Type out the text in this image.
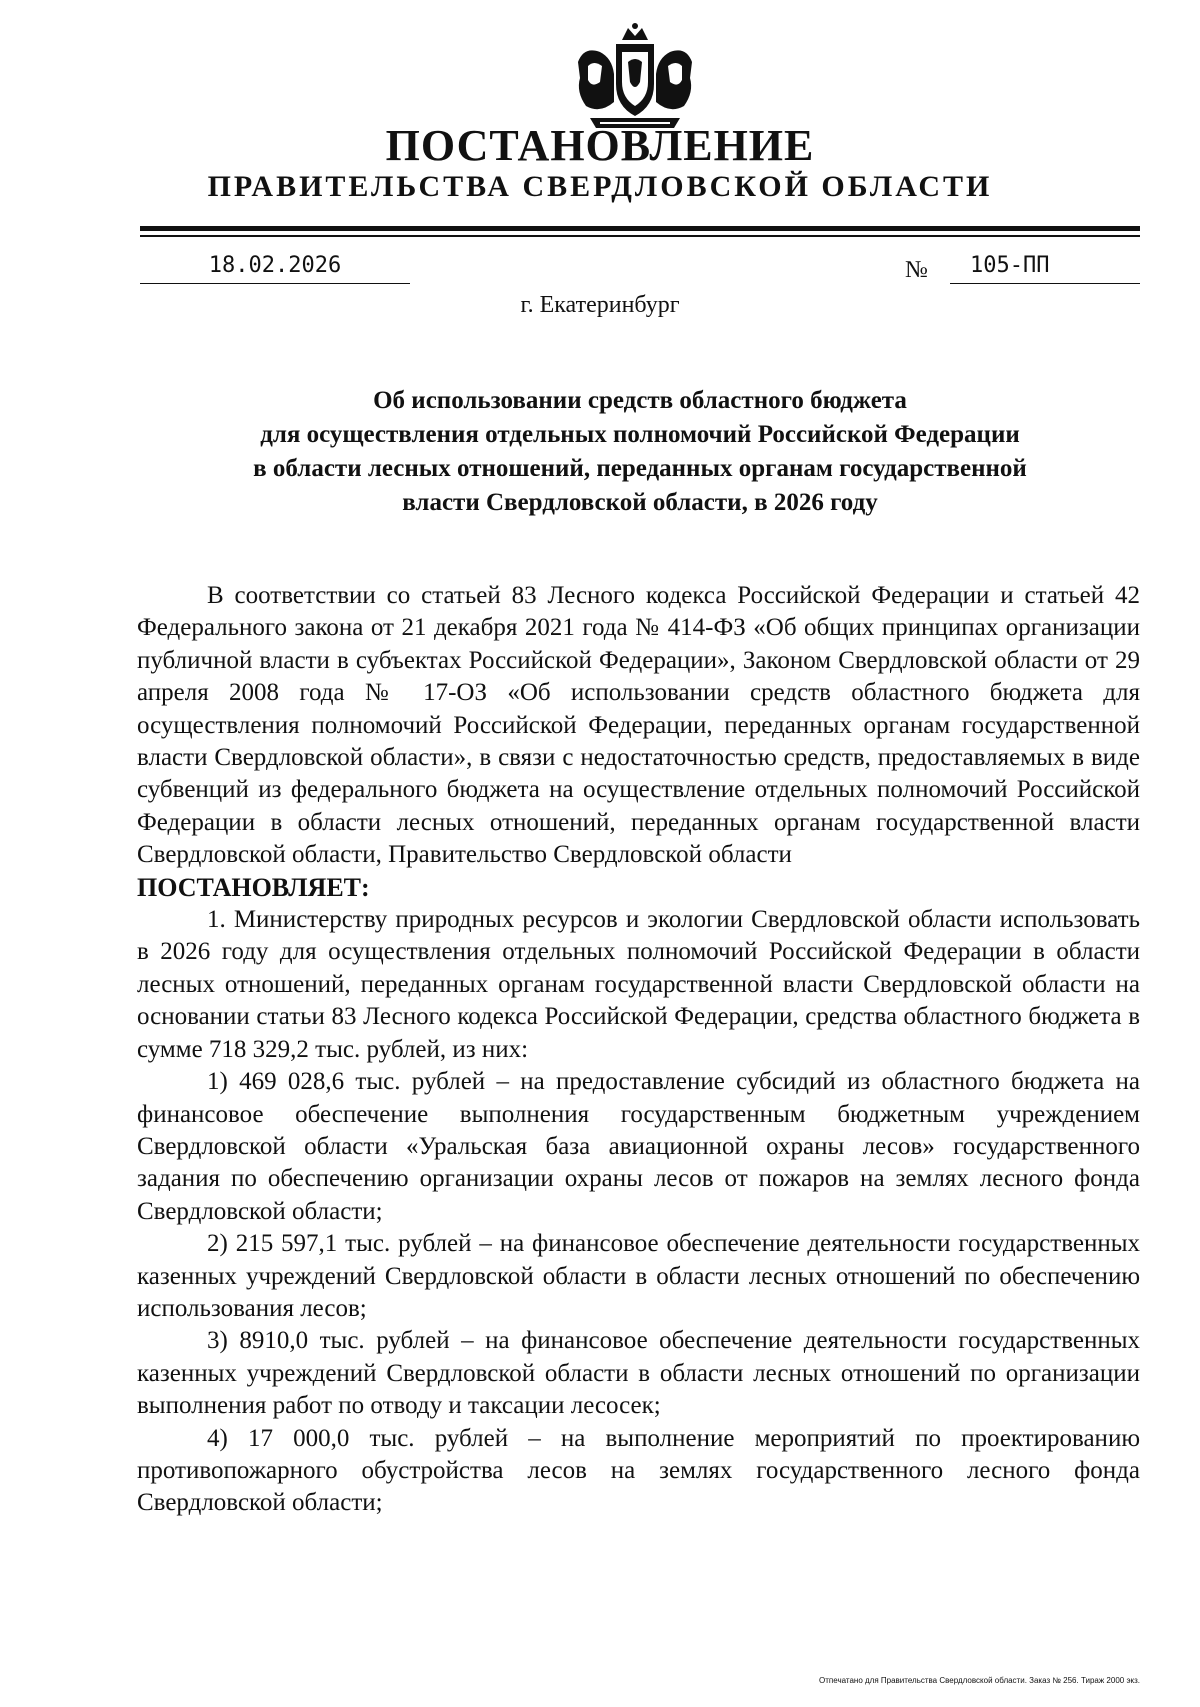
ПОСТАНОВЛЕНИЕ
ПРАВИТЕЛЬСТВА СВЕРДЛОВСКОЙ ОБЛАСТИ
18.02.2026	№	105-ПП
г. Екатеринбург
Об использовании средств областного бюджета
для осуществления отдельных полномочий Российской Федерации
в области лесных отношений, переданных органам государственной
власти Свердловской области, в 2026 году

В соответствии со статьей 83 Лесного кодекса Российской Федерации и статьей 42 Федерального закона от 21 декабря 2021 года № 414-ФЗ «Об общих принципах организации публичной власти в субъектах Российской Федерации», Законом Свердловской области от 29 апреля 2008 года № 17-ОЗ «Об использовании средств областного бюджета для осуществления полномочий Российской Федерации, переданных органам государственной власти Свердловской области», в связи с недостаточностью средств, предоставляемых в виде субвенций из федерального бюджета на осуществление отдельных полномочий Российской Федерации в области лесных отношений, переданных органам государственной власти Свердловской области, Правительство Свердловской области

ПОСТАНОВЛЯЕТ:

1. Министерству природных ресурсов и экологии Свердловской области использовать в 2026 году для осуществления отдельных полномочий Российской Федерации в области лесных отношений, переданных органам государственной власти Свердловской области на основании статьи 83 Лесного кодекса Российской Федерации, средства областного бюджета в сумме 718 329,2 тыс. рублей, из них:

1) 469 028,6 тыс. рублей – на предоставление субсидий из областного бюджета на финансовое обеспечение выполнения государственным бюджетным учреждением Свердловской области «Уральская база авиационной охраны лесов» государственного задания по обеспечению организации охраны лесов от пожаров на землях лесного фонда Свердловской области;

2) 215 597,1 тыс. рублей – на финансовое обеспечение деятельности государственных казенных учреждений Свердловской области в области лесных отношений по обеспечению использования лесов;

3) 8910,0 тыс. рублей – на финансовое обеспечение деятельности государственных казенных учреждений Свердловской области в области лесных отношений по организации выполнения работ по отводу и таксации лесосек;

4) 17 000,0 тыс. рублей – на выполнение мероприятий по проектированию противопожарного обустройства лесов на землях государственного лесного фонда Свердловской области;

Отпечатано для Правительства Свердловской области. Заказ № 256. Тираж 2000 экз.
